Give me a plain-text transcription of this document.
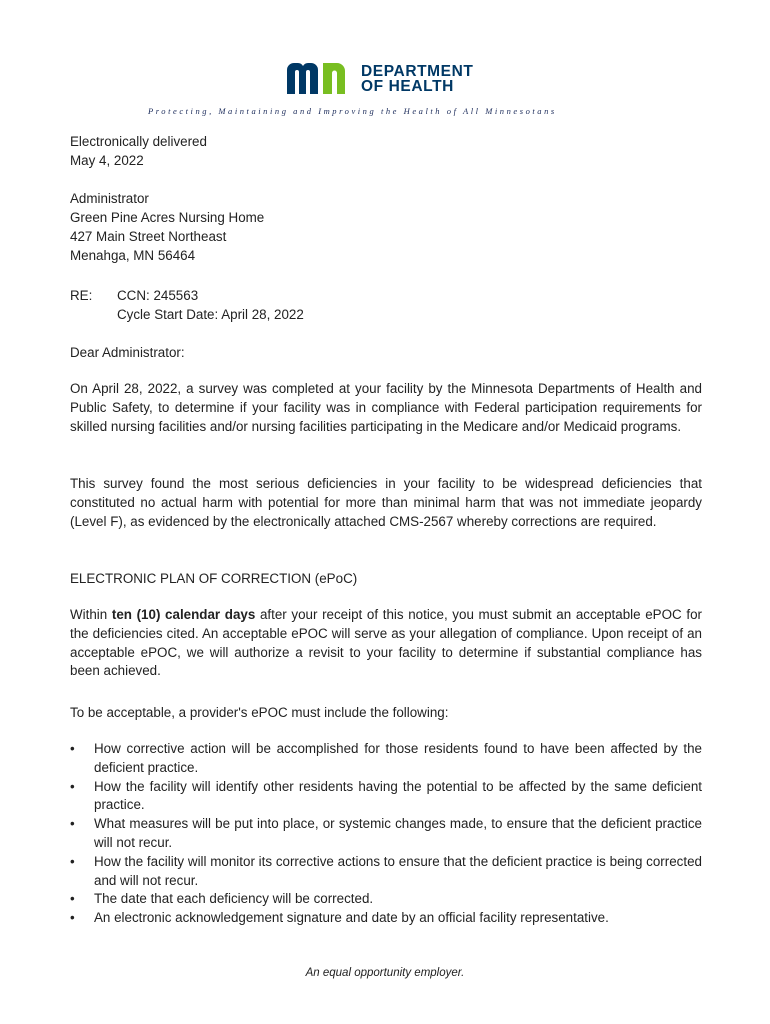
DEPARTMENT
OF HEALTH
Protecting, Maintaining and Improving the Health of All Minnesotans

Electronically delivered

May 4, 2022

Administrator

Green Pine Acres Nursing Home

427 Main Street Northeast

Menahga, MN 56464

RE: CCN: 245563
Cycle Start Date: April 28, 2022

Dear Administrator:

On April 28, 2022, a survey was completed at your facility by the Minnesota Departments of Health and Public Safety, to determine if your facility was in compliance with Federal participation requirements for skilled nursing facilities and/or nursing facilities participating in the Medicare and/or Medicaid programs.

This survey found the most serious deficiencies in your facility to be widespread deficiencies that constituted no actual harm with potential for more than minimal harm that was not immediate jeopardy (Level F), as evidenced by the electronically attached CMS-2567 whereby corrections are required.

ELECTRONIC PLAN OF CORRECTION (ePoC)

Within ten (10) calendar days after your receipt of this notice, you must submit an acceptable ePOC for the deficiencies cited. An acceptable ePOC will serve as your allegation of compliance. Upon receipt of an acceptable ePOC, we will authorize a revisit to your facility to determine if substantial compliance has been achieved.

To be acceptable, a provider's ePOC must include the following:

• How corrective action will be accomplished for those residents found to have been affected by the deficient practice.
• How the facility will identify other residents having the potential to be affected by the same deficient practice.
• What measures will be put into place, or systemic changes made, to ensure that the deficient practice will not recur.
• How the facility will monitor its corrective actions to ensure that the deficient practice is being corrected and will not recur.
• The date that each deficiency will be corrected.
• An electronic acknowledgement signature and date by an official facility representative.
An equal opportunity employer.
